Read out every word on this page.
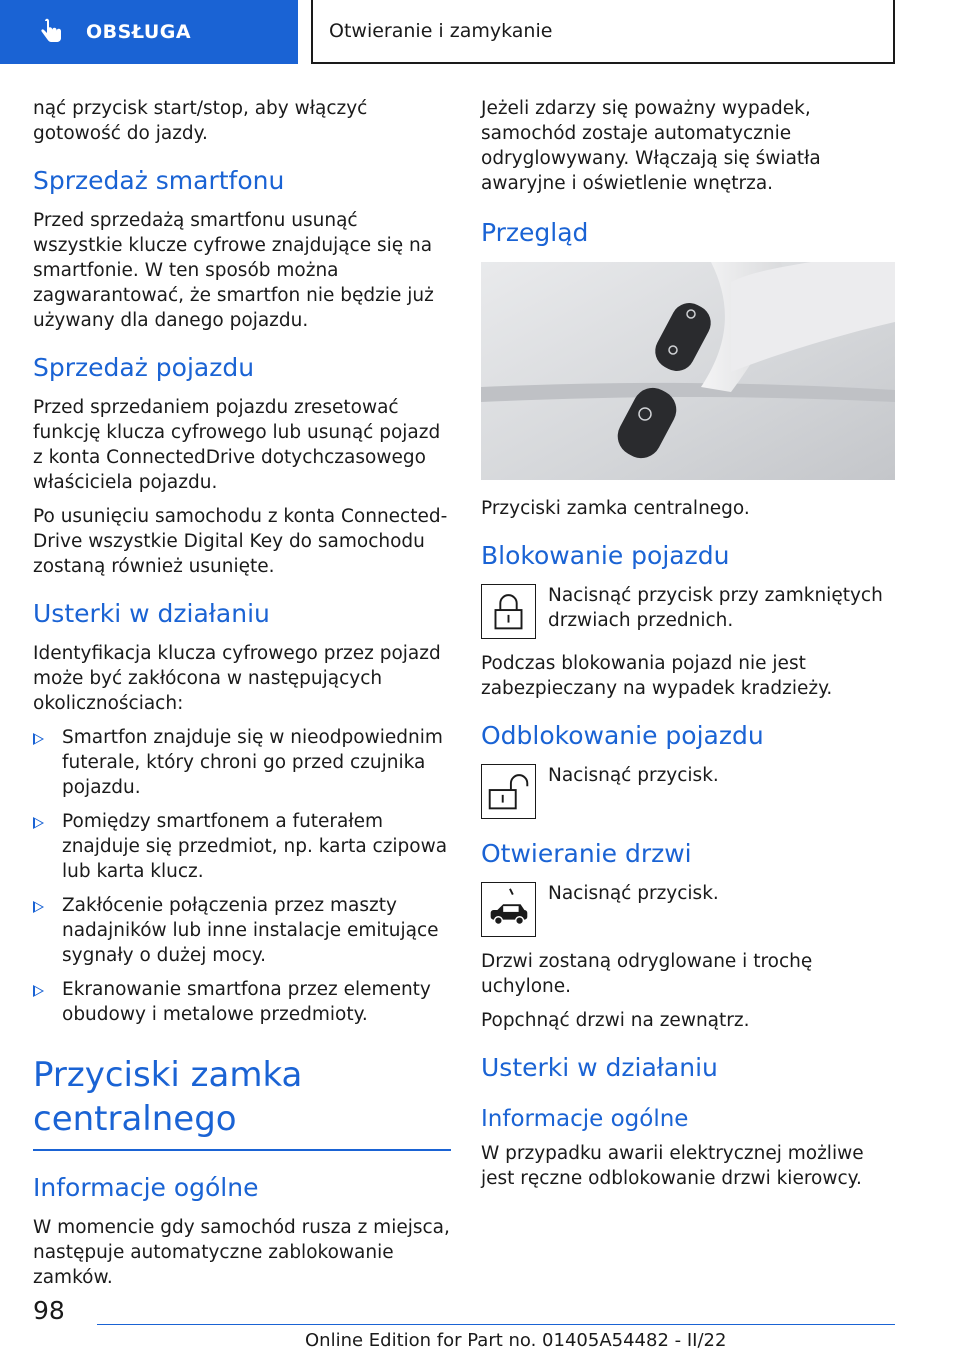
OBSŁUGA	Otwieranie i zamykanie

nąć przycisk start/stop, aby włączyć gotowość do jazdy.

Sprzedaż smartfonu

Przed sprzedażą smartfonu usunąć wszystkie klucze cyfrowe znajdujące się na smartfonie. W ten sposób można zagwarantować, że smartfon nie będzie już używany dla danego pojazdu.

Sprzedaż pojazdu

Przed sprzedaniem pojazdu zresetować funkcję klucza cyfrowego lub usunąć pojazd z konta ConnectedDrive dotychczasowego właściciela pojazdu.

Po usunięciu samochodu z konta Connected-Drive wszystkie Digital Key do samochodu zostaną również usunięte.

Usterki w działaniu

Identyfikacja klucza cyfrowego przez pojazd może być zakłócona w następujących okolicznościach:

Smartfon znajduje się w nieodpowiednim futerale, który chroni go przed czujnika pojazdu.
Pomiędzy smartfonem a futerałem znajduje się przedmiot, np. karta czipowa lub karta klucz.
Zakłócenie połączenia przez maszty nadajników lub inne instalacje emitujące sygnały o dużej mocy.
Ekranowanie smartfona przez elementy obudowy i metalowe przedmioty.
Przyciski zamka centralnego
Informacje ogólne

W momencie gdy samochód rusza z miejsca, następuje automatyczne zablokowanie zamków.

Jeżeli zdarzy się poważny wypadek, samochód zostaje automatycznie odryglowywany. Włączają się światła awaryjne i oświetlenie wnętrza.

Przegląd

Przyciski zamka centralnego.

Blokowanie pojazdu

Nacisnąć przycisk przy zamkniętych drzwiach przednich.

Podczas blokowania pojazd nie jest zabezpieczany na wypadek kradzieży.

Odblokowanie pojazdu

Nacisnąć przycisk.

Otwieranie drzwi

Nacisnąć przycisk.

Drzwi zostaną odryglowane i trochę uchylone.

Popchnąć drzwi na zewnątrz.

Usterki w działaniu
Informacje ogólne

W przypadku awarii elektrycznej możliwe jest ręczne odblokowanie drzwi kierowcy.

98
Online Edition for Part no. 01405A54482 - II/22
